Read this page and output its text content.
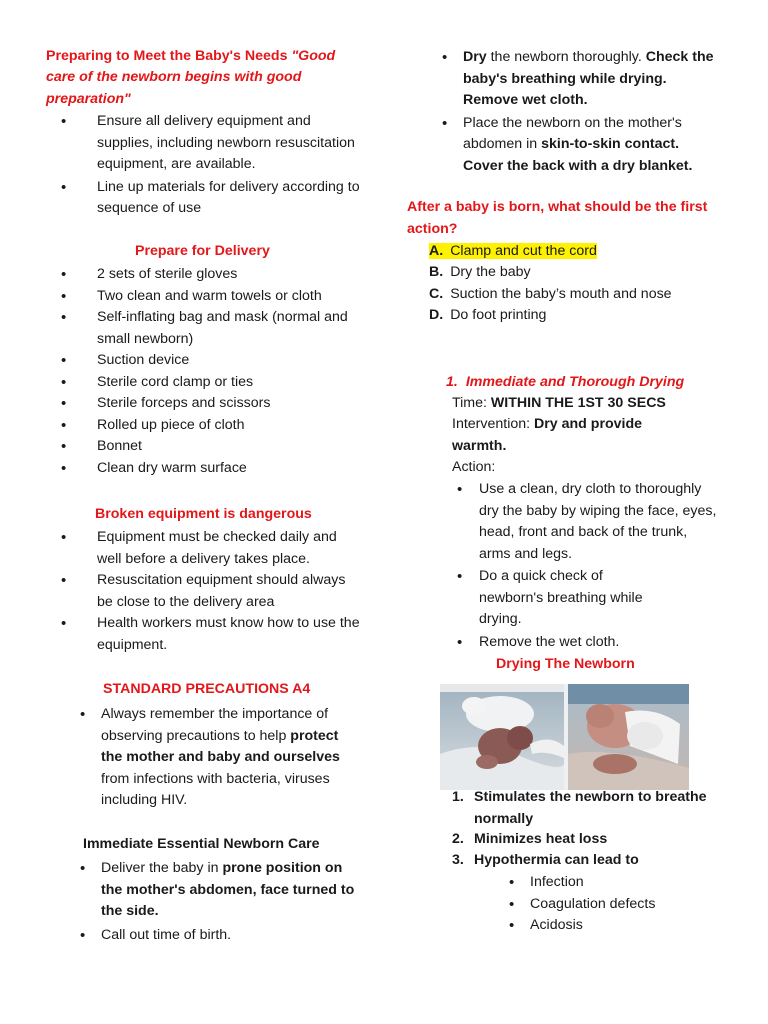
Preparing to Meet the Baby's Needs "Good care of the newborn begins with good preparation"
• Ensure all delivery equipment and supplies, including newborn resuscitation equipment, are available.
• Line up materials for delivery according to sequence of use
Prepare for Delivery
• 2 sets of sterile gloves
• Two clean and warm towels or cloth
• Self-inflating bag and mask (normal and small newborn)
• Suction device
• Sterile cord clamp or ties
• Sterile forceps and scissors
• Rolled up piece of cloth
• Bonnet
• Clean dry warm surface
Broken equipment is dangerous
• Equipment must be checked daily and well before a delivery takes place.
• Resuscitation equipment should always be close to the delivery area
• Health workers must know how to use the equipment.
STANDARD PRECAUTIONS A4
• Always remember the importance of observing precautions to help protect the mother and baby and ourselves from infections with bacteria, viruses including HIV.
Immediate Essential Newborn Care
• Deliver the baby in prone position on the mother's abdomen, face turned to the side.
• Call out time of birth.
• Dry the newborn thoroughly. Check the baby's breathing while drying. Remove wet cloth.
• Place the newborn on the mother's abdomen in skin-to-skin contact. Cover the back with a dry blanket.
After a baby is born, what should be the first action?
A. Clamp and cut the cord
B. Dry the baby
C. Suction the baby’s mouth and nose
D. Do foot printing
1. Immediate and Thorough Drying
Time: WITHIN THE 1ST 30 SECS
Intervention: Dry and provide warmth.
Action:
• Use a clean, dry cloth to thoroughly dry the baby by wiping the face, eyes, head, front and back of the trunk, arms and legs.
• Do a quick check of newborn's breathing while drying.
• Remove the wet cloth.
Drying The Newborn
1. Stimulates the newborn to breathe normally
2. Minimizes heat loss
3. Hypothermia can lead to
• Infection
• Coagulation defects
• Acidosis
